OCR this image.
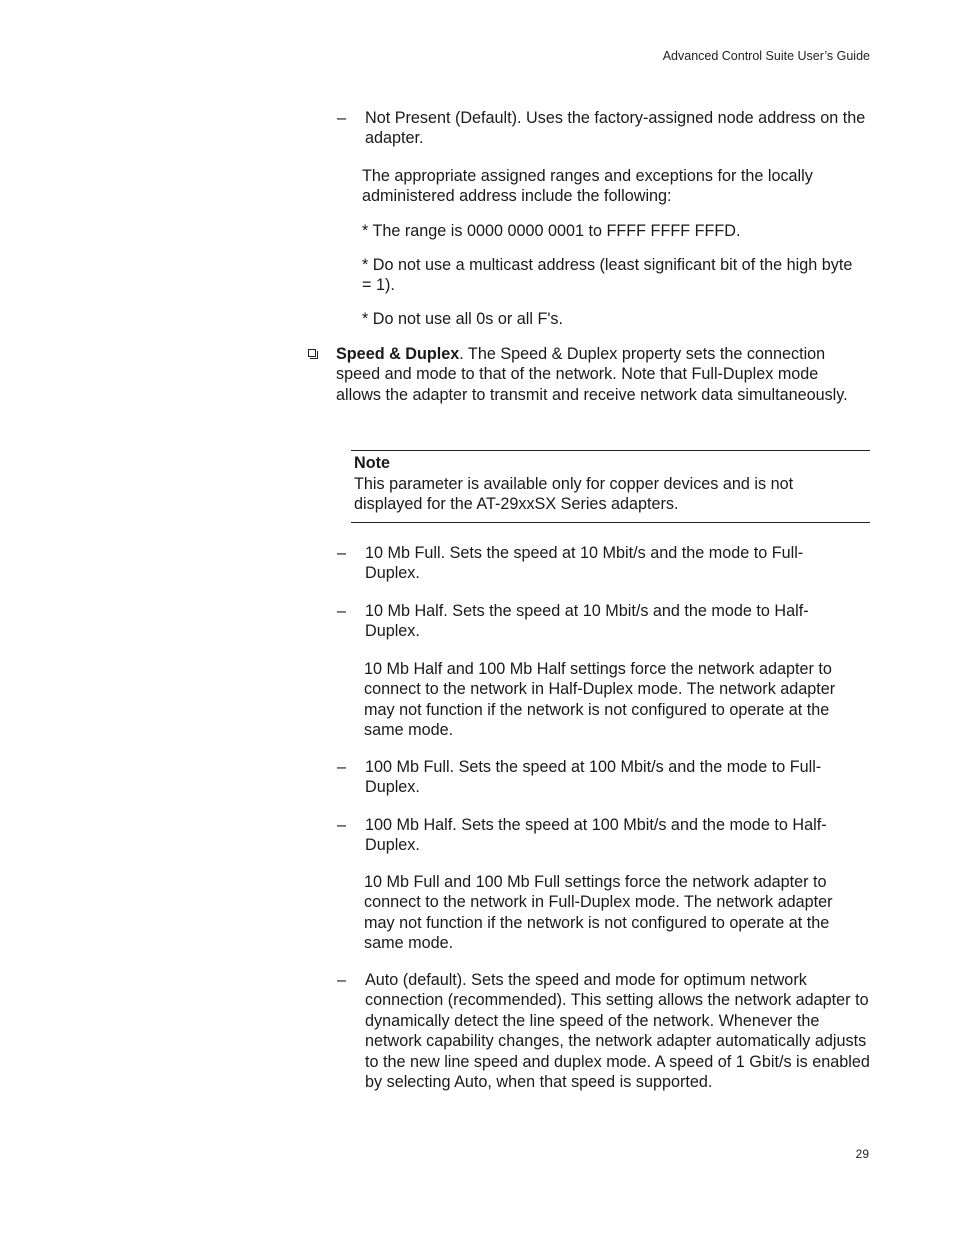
Advanced Control Suite User’s Guide
– Not Present (Default). Uses the factory-assigned node address on the adapter.

The appropriate assigned ranges and exceptions for the locally administered address include the following:

* The range is 0000 0000 0001 to FFFF FFFF FFFD.

* Do not use a multicast address (least significant bit of the high byte = 1).

* Do not use all 0s or all F's.

Speed & Duplex. The Speed & Duplex property sets the connection speed and mode to that of the network. Note that Full-Duplex mode allows the adapter to transmit and receive network data simultaneously.

Note

This parameter is available only for copper devices and is not displayed for the AT-29xxSX Series adapters.

– 10 Mb Full. Sets the speed at 10 Mbit/s and the mode to Full-Duplex.

– 10 Mb Half. Sets the speed at 10 Mbit/s and the mode to Half-Duplex.

10 Mb Half and 100 Mb Half settings force the network adapter to connect to the network in Half-Duplex mode. The network adapter may not function if the network is not configured to operate at the same mode.

– 100 Mb Full. Sets the speed at 100 Mbit/s and the mode to Full-Duplex.

– 100 Mb Half. Sets the speed at 100 Mbit/s and the mode to Half-Duplex.

10 Mb Full and 100 Mb Full settings force the network adapter to connect to the network in Full-Duplex mode. The network adapter may not function if the network is not configured to operate at the same mode.

– Auto (default). Sets the speed and mode for optimum network connection (recommended). This setting allows the network adapter to dynamically detect the line speed of the network. Whenever the network capability changes, the network adapter automatically adjusts to the new line speed and duplex mode. A speed of 1 Gbit/s is enabled by selecting Auto, when that speed is supported.

29
